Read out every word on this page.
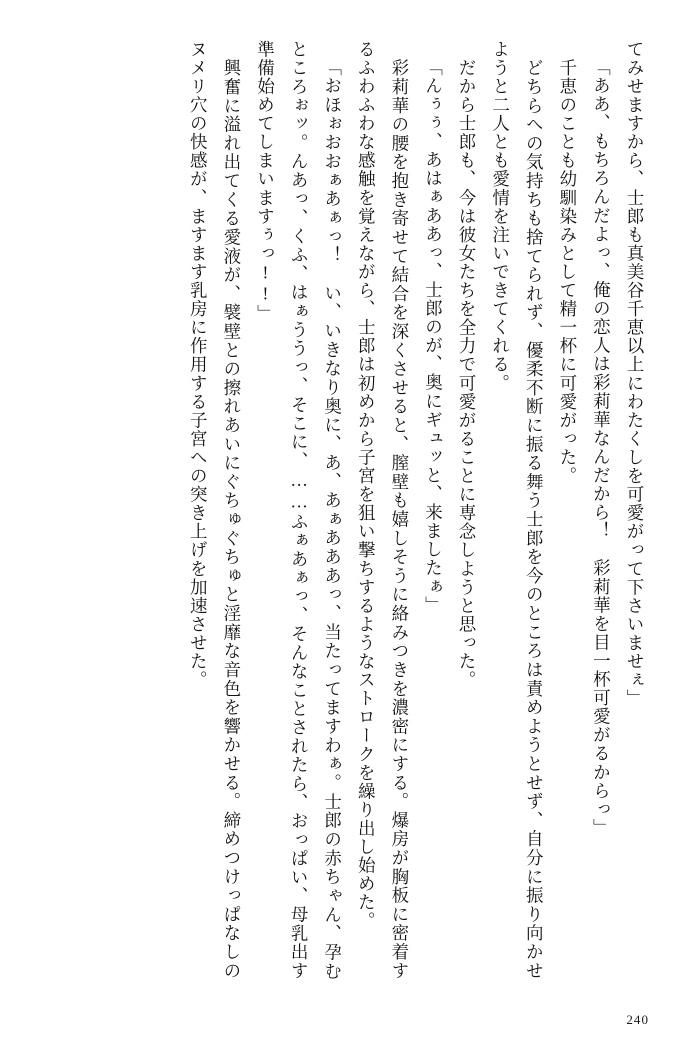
てみせますから、士郎も真美谷千恵以上にわたくしを可愛がって下さいませぇ」

「ああ、もちろんだよっ、俺の恋人は彩莉華なんだから！　彩莉華を目一杯可愛がるからっ」

　千恵のことも幼馴染みとして精一杯に可愛がった。

　どちらへの気持ちも捨てられず、優柔不断に振る舞う士郎を今のところは責めようとせず、自分に振り向かせようと二人とも愛情を注いできてくれる。

　だから士郎も、今は彼女たちを全力で可愛がることに専念しようと思った。

「んぅぅ、あはぁああっ、士郎のが、奥にギュッと、来ましたぁ」

　彩莉華の腰を抱き寄せて結合を深くさせると、膣壁も嬉しそうに絡みつきを濃密にする。爆房が胸板に密着するふわふわな感触を覚えながら、士郎は初めから子宮を狙い撃ちするようなストロークを繰り出し始めた。

「おほぉおおぁあぁっ！　い、いきなり奥に、あ、あぁあああっ、当たってますわぁ。士郎の赤ちゃん、孕むところぉッ。んあっ、くふ、はぁううっ、そこに、……ふぁあぁっ、そんなことされたら、おっぱい、母乳出す準備始めてしまいますぅっ!!」

　興奮に溢れ出てくる愛液が、襞壁との擦れあいにぐちゅぐちゅと淫靡な音色を響かせる。締めつけっぱなしのヌメリ穴の快感が、ますます乳房に作用する子宮への突き上げを加速させた。

240
